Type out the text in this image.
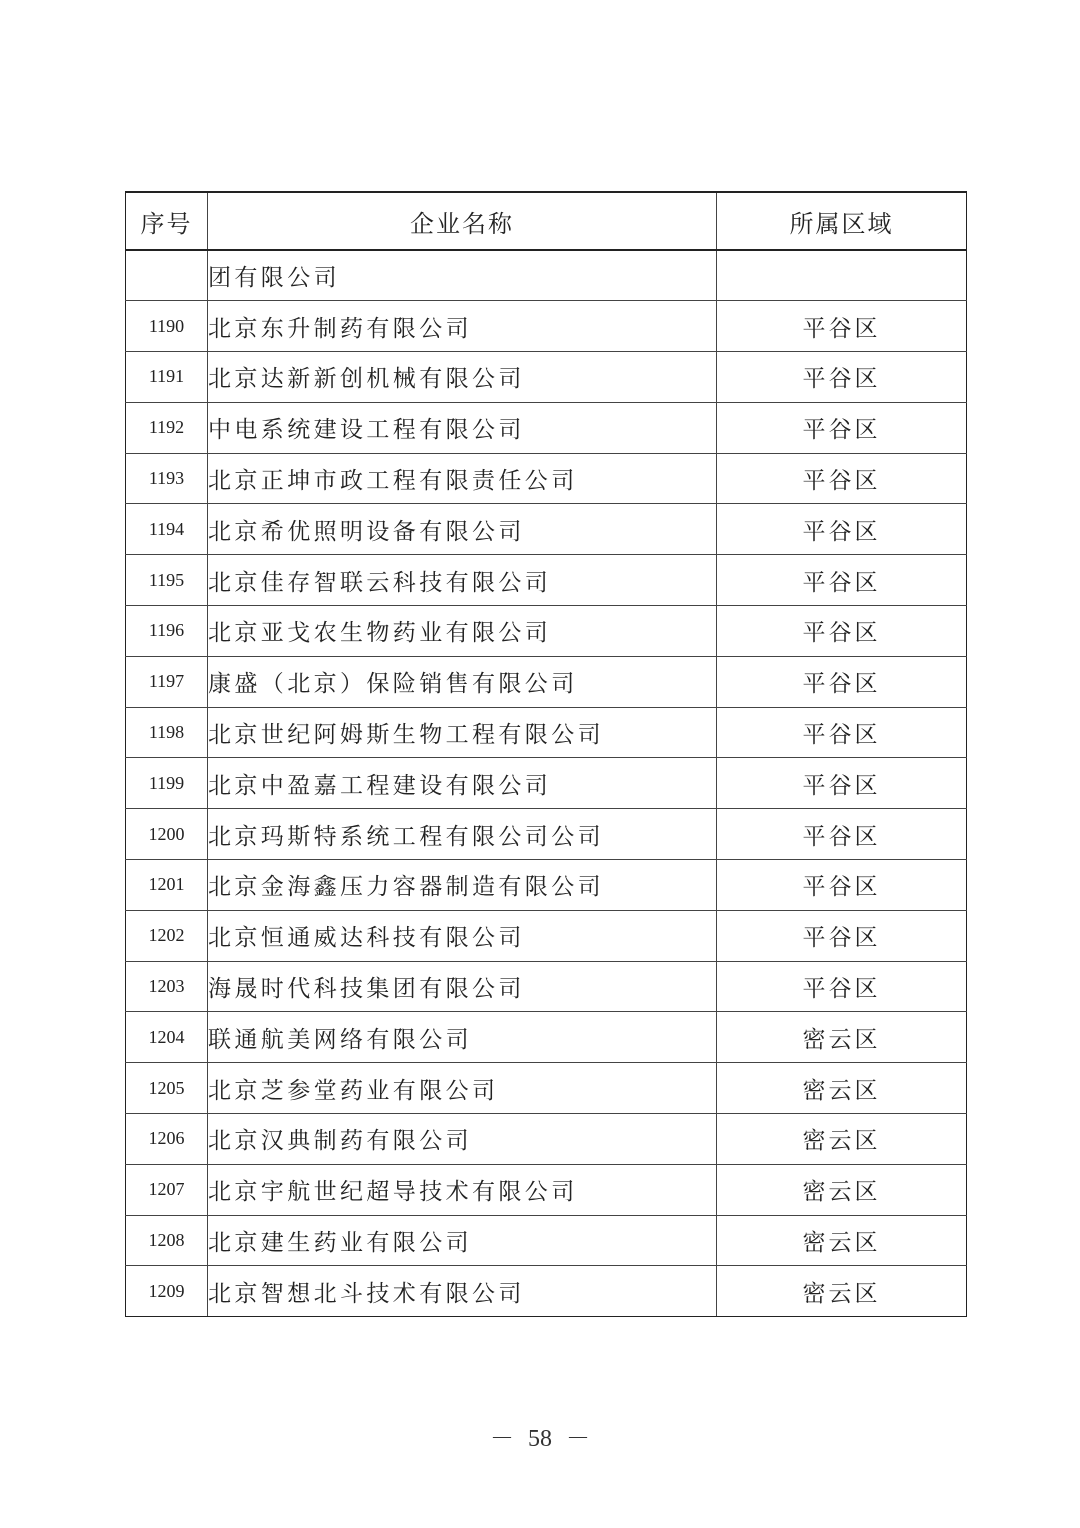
序号	企业名称	所属区域
	团有限公司	
1190	北京东升制药有限公司	平谷区
1191	北京达新新创机械有限公司	平谷区
1192	中电系统建设工程有限公司	平谷区
1193	北京正坤市政工程有限责任公司	平谷区
1194	北京希优照明设备有限公司	平谷区
1195	北京佳存智联云科技有限公司	平谷区
1196	北京亚戈农生物药业有限公司	平谷区
1197	康盛（北京）保险销售有限公司	平谷区
1198	北京世纪阿姆斯生物工程有限公司	平谷区
1199	北京中盈嘉工程建设有限公司	平谷区
1200	北京玛斯特系统工程有限公司公司	平谷区
1201	北京金海鑫压力容器制造有限公司	平谷区
1202	北京恒通威达科技有限公司	平谷区
1203	海晟时代科技集团有限公司	平谷区
1204	联通航美网络有限公司	密云区
1205	北京芝参堂药业有限公司	密云区
1206	北京汉典制药有限公司	密云区
1207	北京宇航世纪超导技术有限公司	密云区
1208	北京建生药业有限公司	密云区
1209	北京智想北斗技术有限公司	密云区
－ 58 －
